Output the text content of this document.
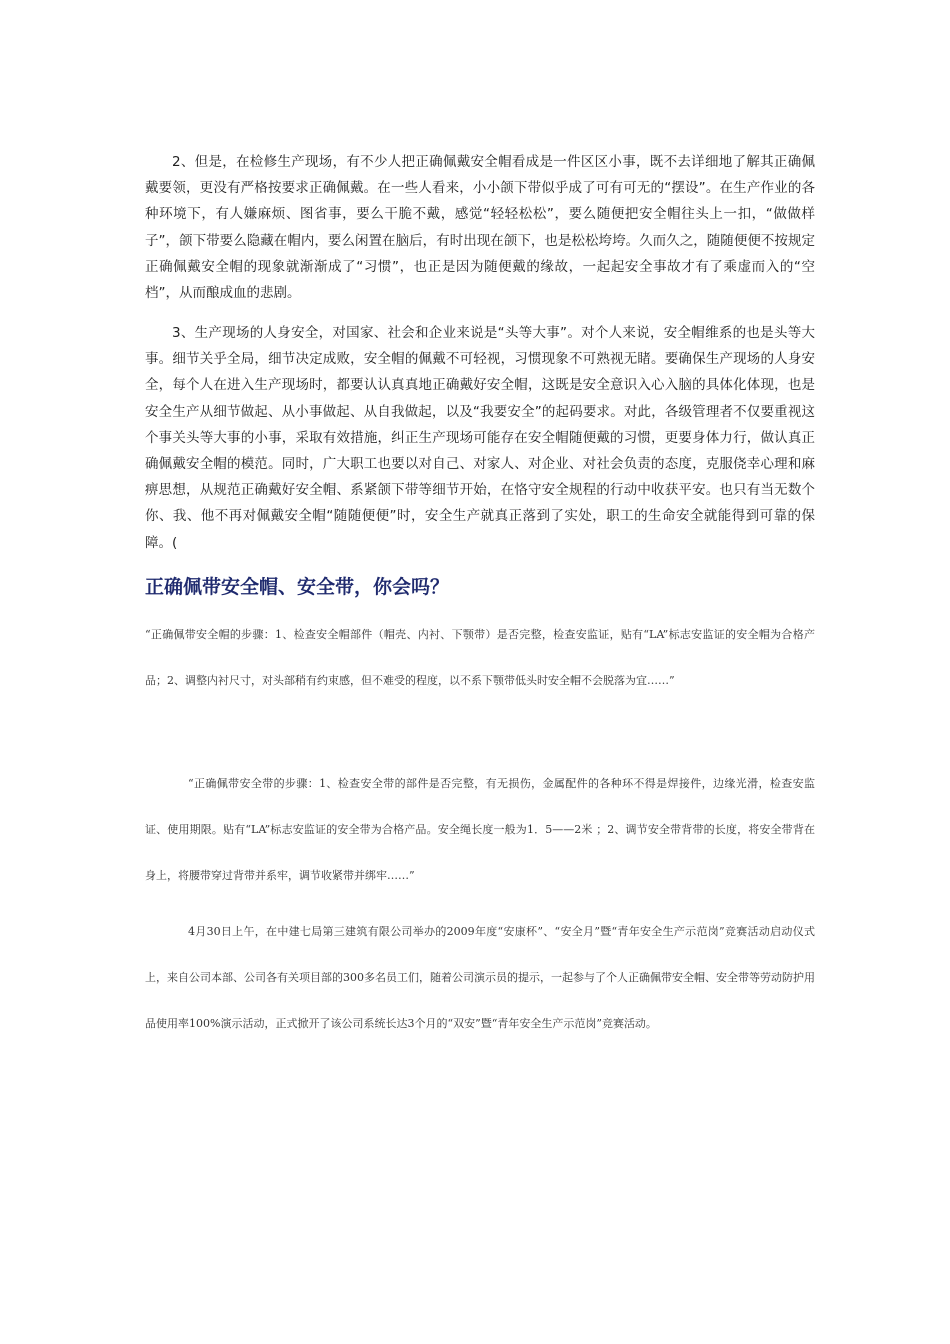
2、但是，在检修生产现场，有不少人把正确佩戴安全帽看成是一件区区小事，既不去详细地了解其正确佩戴要领，更没有严格按要求正确佩戴。在一些人看来，小小颌下带似乎成了可有可无的“摆设”。在生产作业的各种环境下，有人嫌麻烦、图省事，要么干脆不戴，感觉“轻轻松松”，要么随便把安全帽往头上一扣，“做做样子”，颌下带要么隐藏在帽内，要么闲置在脑后，有时出现在颌下，也是松松垮垮。久而久之，随随便便不按规定正确佩戴安全帽的现象就渐渐成了“习惯”，也正是因为随便戴的缘故，一起起安全事故才有了乘虚而入的“空档”，从而酿成血的悲剧。

3、生产现场的人身安全，对国家、社会和企业来说是“头等大事”。对个人来说，安全帽维系的也是头等大事。细节关乎全局，细节决定成败，安全帽的佩戴不可轻视，习惯现象不可熟视无睹。要确保生产现场的人身安全，每个人在进入生产现场时，都要认认真真地正确戴好安全帽，这既是安全意识入心入脑的具体化体现，也是安全生产从细节做起、从小事做起、从自我做起，以及“我要安全”的起码要求。对此，各级管理者不仅要重视这个事关头等大事的小事，采取有效措施，纠正生产现场可能存在安全帽随便戴的习惯，更要身体力行，做认真正确佩戴安全帽的模范。同时，广大职工也要以对自己、对家人、对企业、对社会负责的态度，克服侥幸心理和麻痹思想，从规范正确戴好安全帽、系紧颌下带等细节开始，在恪守安全规程的行动中收获平安。也只有当无数个你、我、他不再对佩戴安全帽“随随便便”时，安全生产就真正落到了实处，职工的生命安全就能得到可靠的保障。(

正确佩带安全帽、安全带，你会吗？

“正确佩带安全帽的步骤：1、检查安全帽部件（帽壳、内衬、下颚带）是否完整，检查安监证，贴有“LA”标志安监证的安全帽为合格产品；2、调整内衬尺寸，对头部稍有约束感，但不难受的程度，以不系下颚带低头时安全帽不会脱落为宜……”

“正确佩带安全带的步骤：1、检查安全带的部件是否完整，有无损伤，金属配件的各种环不得是焊接件，边缘光滑，检查安监证、使用期限。贴有“LA”标志安监证的安全带为合格产品。安全绳长度一般为1．5——2米 ；2、调节安全带背带的长度，将安全带背在身上，将腰带穿过背带并系牢，调节收紧带并绑牢……”

4月30日上午，在中建七局第三建筑有限公司举办的2009年度“安康杯”、“安全月”暨“青年安全生产示范岗”竞赛活动启动仪式上，来自公司本部、公司各有关项目部的300多名员工们，随着公司演示员的提示，一起参与了个人正确佩带安全帽、安全带等劳动防护用品使用率100%演示活动，正式掀开了该公司系统长达3个月的“双安”暨“青年安全生产示范岗”竞赛活动。
